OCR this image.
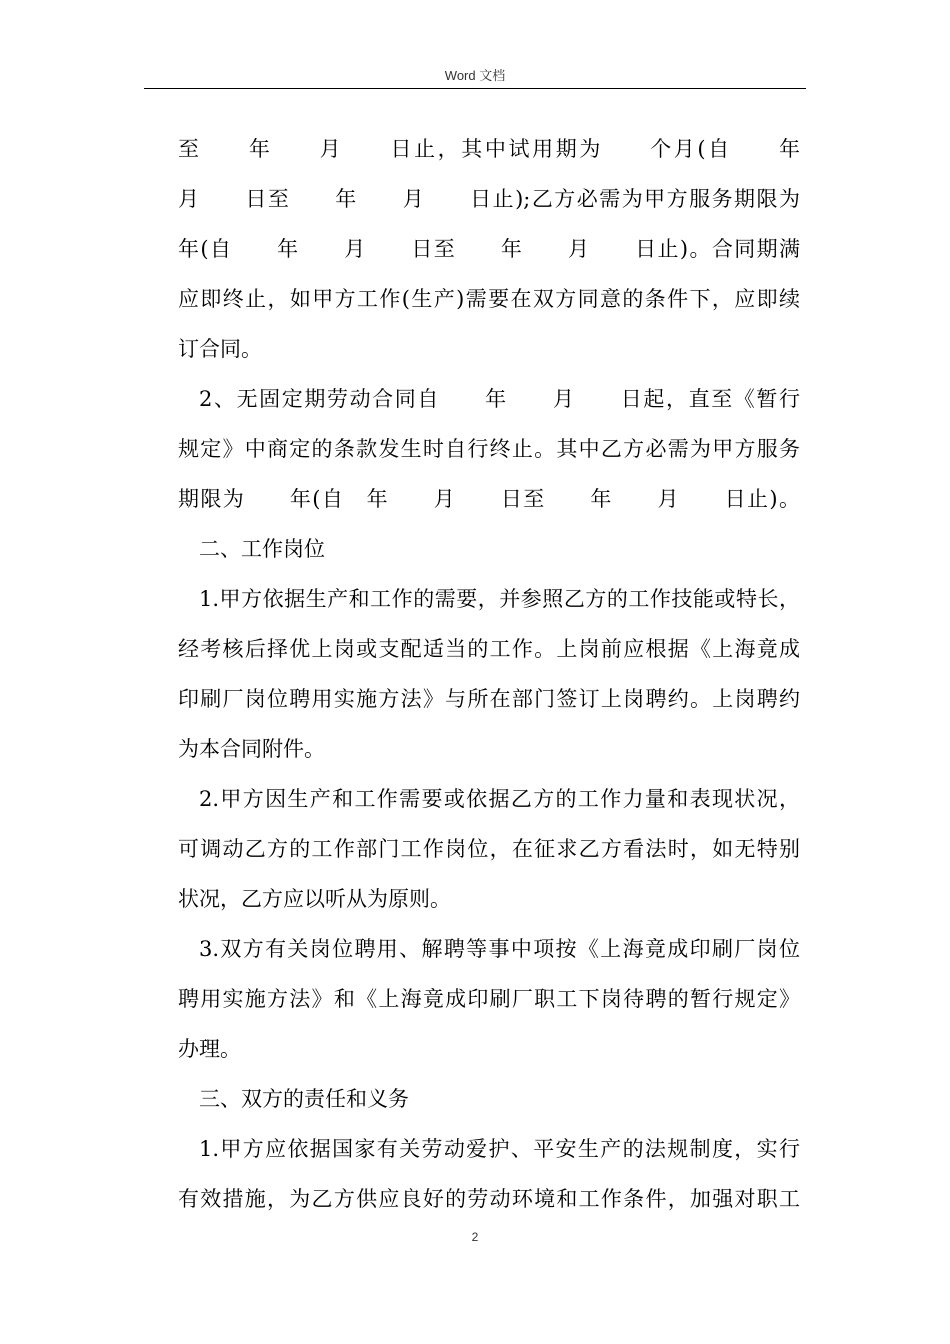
Word 文档
至　　年　　月　　日止，其中试用期为　　个月(自　　年
月　　日至　　年　　月　　日止);乙方必需为甲方服务期限为
年(自　　年　　月　　日至　　年　　月　　日止)。合同期满
应即终止，如甲方工作(生产)需要在双方同意的条件下，应即续
订合同。
2、无固定期劳动合同自　　年　　月　　日起，直至《暂行
规定》中商定的条款发生时自行终止。其中乙方必需为甲方服务
期限为　　年(自　年　　月　　日至　　年　　月　　日止)。
二、工作岗位
1.甲方依据生产和工作的需要，并参照乙方的工作技能或特长，
经考核后择优上岗或支配适当的工作。上岗前应根据《上海竟成
印刷厂岗位聘用实施方法》与所在部门签订上岗聘约。上岗聘约
为本合同附件。
2.甲方因生产和工作需要或依据乙方的工作力量和表现状况，
可调动乙方的工作部门工作岗位，在征求乙方看法时，如无特别
状况，乙方应以听从为原则。
3.双方有关岗位聘用、解聘等事中项按《上海竟成印刷厂岗位
聘用实施方法》和《上海竟成印刷厂职工下岗待聘的暂行规定》
办理。
三、双方的责任和义务
1.甲方应依据国家有关劳动爱护、平安生产的法规制度，实行
有效措施，为乙方供应良好的劳动环境和工作条件，加强对职工
2
